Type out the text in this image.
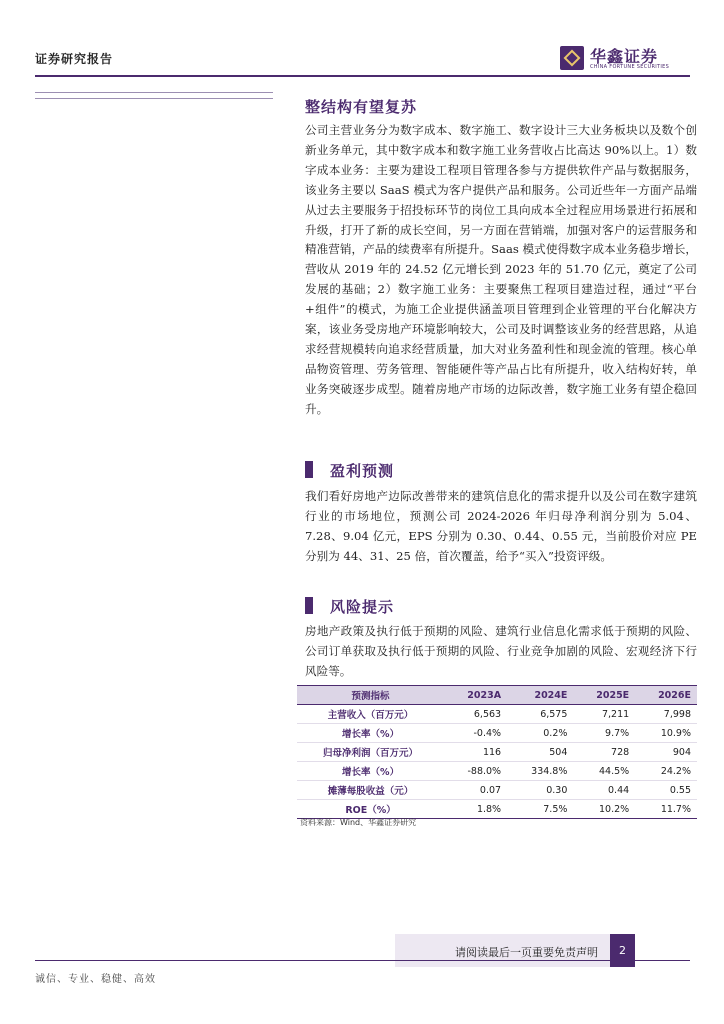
证券研究报告	华鑫证券
CHINA FORTUNE SECURITIES
整结构有望复苏
公司主营业务分为数字成本、数字施工、数字设计三大业务板块以及数个创新业务单元，其中数字成本和数字施工业务营收占比高达 90%以上。1）数字成本业务：主要为建设工程项目管理各参与方提供软件产品与数据服务，该业务主要以 SaaS 模式为客户提供产品和服务。公司近些年一方面产品端从过去主要服务于招投标环节的岗位工具向成本全过程应用场景进行拓展和升级，打开了新的成长空间，另一方面在营销端，加强对客户的运营服务和精准营销，产品的续费率有所提升。Saas 模式使得数字成本业务稳步增长，营收从 2019 年的 24.52 亿元增长到 2023 年的 51.70 亿元，奠定了公司发展的基础；2）数字施工业务：主要聚焦工程项目建造过程，通过“平台+组件”的模式，为施工企业提供涵盖项目管理到企业管理的平台化解决方案，该业务受房地产环境影响较大，公司及时调整该业务的经营思路，从追求经营规模转向追求经营质量，加大对业务盈利性和现金流的管理。核心单品物资管理、劳务管理、智能硬件等产品占比有所提升，收入结构好转，单业务突破逐步成型。随着房地产市场的边际改善，数字施工业务有望企稳回升。
盈利预测
我们看好房地产边际改善带来的建筑信息化的需求提升以及公司在数字建筑行业的市场地位，预测公司 2024-2026 年归母净利润分别为 5.04、7.28、9.04 亿元，EPS 分别为 0.30、0.44、0.55 元，当前股价对应 PE 分别为 44、31、25 倍，首次覆盖，给予“买入”投资评级。
风险提示
房地产政策及执行低于预期的风险、建筑行业信息化需求低于预期的风险、公司订单获取及执行低于预期的风险、行业竞争加剧的风险、宏观经济下行风险等。
预测指标	2023A	2024E	2025E	2026E
主营收入（百万元）	6,563	6,575	7,211	7,998
增长率（%）	-0.4%	0.2%	9.7%	10.9%
归母净利润（百万元）	116	504	728	904
增长率（%）	-88.0%	334.8%	44.5%	24.2%
摊薄每股收益（元）	0.07	0.30	0.44	0.55
ROE（%）	1.8%	7.5%	10.2%	11.7%
资料来源：Wind、华鑫证券研究
请阅读最后一页重要免责声明	2
诚信、专业、稳健、高效
